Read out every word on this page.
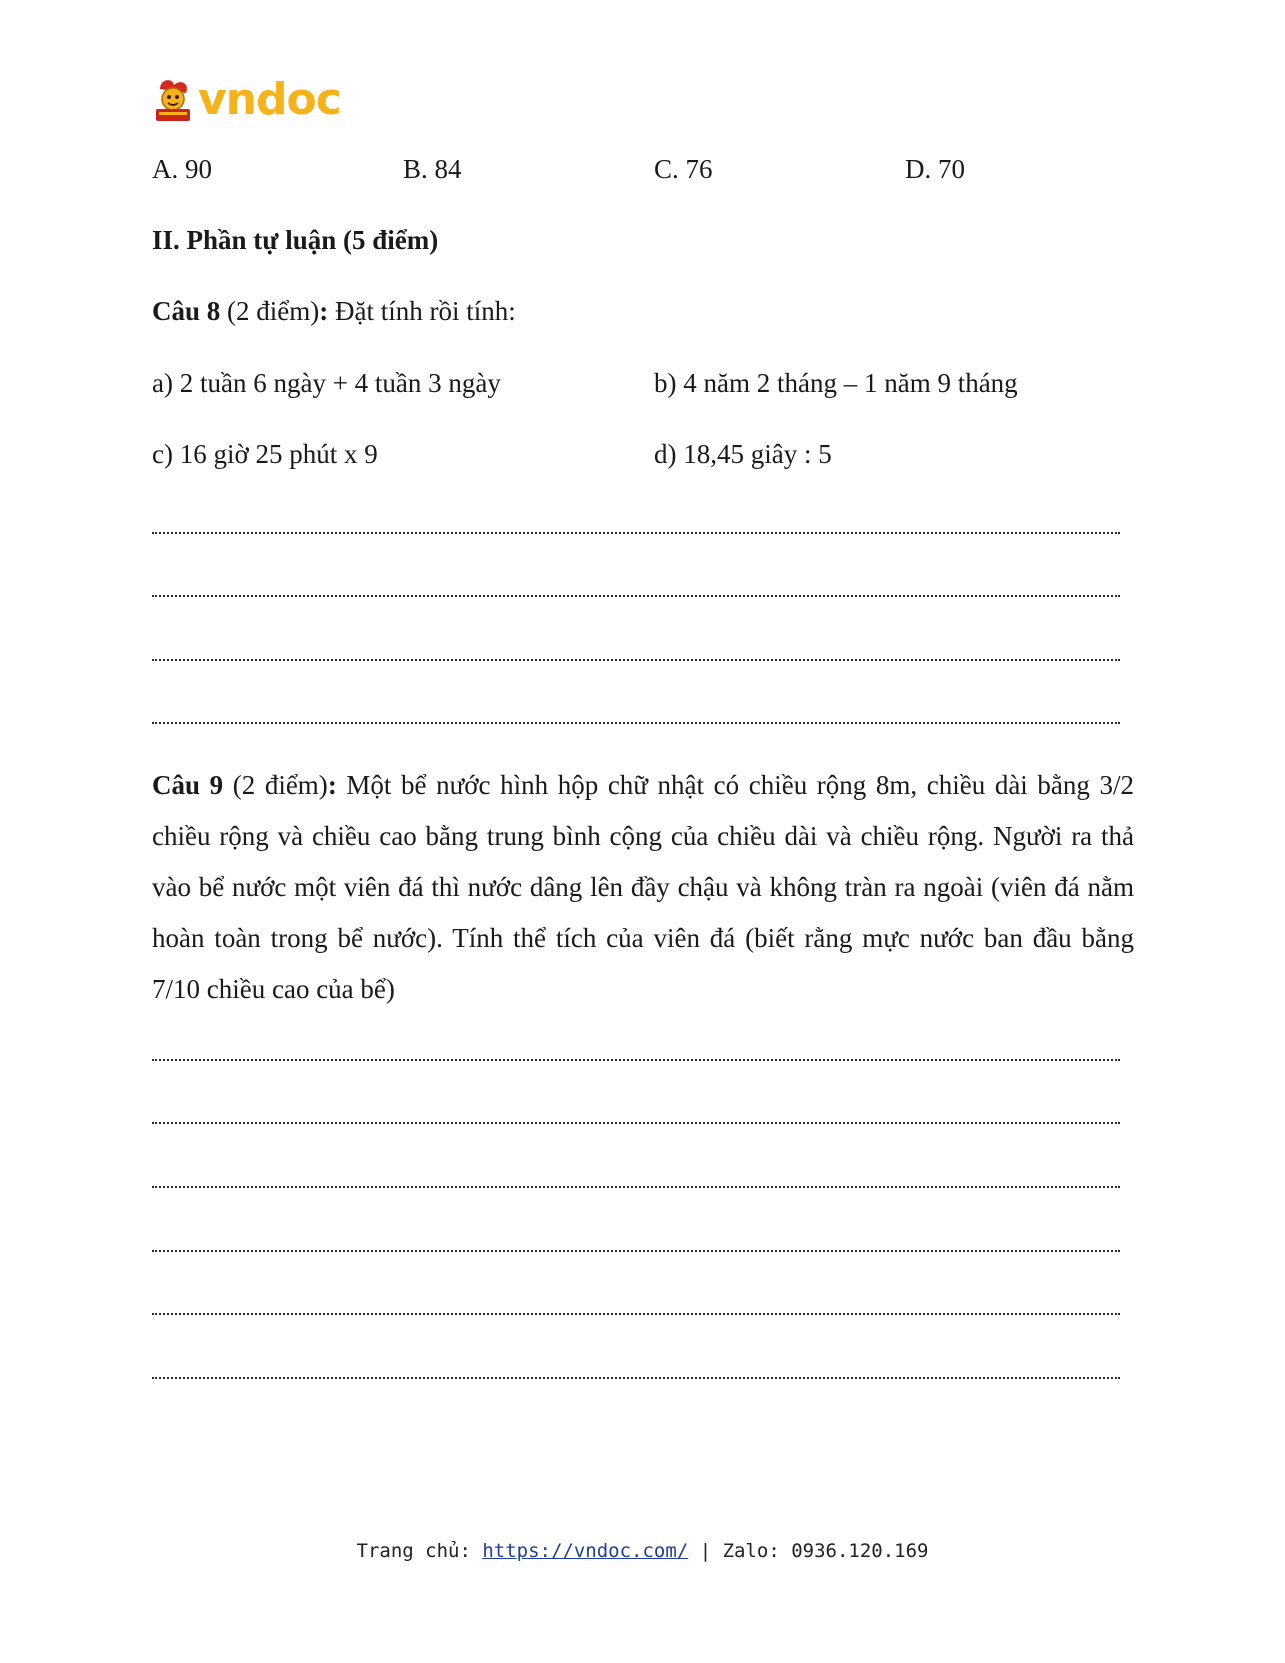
vndoc
A. 90	B. 84	C. 76	D. 70
II. Phần tự luận (5 điểm)
Câu 8 (2 điểm): Đặt tính rồi tính:
a) 2 tuần 6 ngày + 4 tuần 3 ngày	b) 4 năm 2 tháng – 1 năm 9 tháng
c) 16 giờ 25 phút x 9	d) 18,45 giây : 5
Câu 9 (2 điểm): Một bể nước hình hộp chữ nhật có chiều rộng 8m, chiều dài bằng 3/2 chiều rộng và chiều cao bằng trung bình cộng của chiều dài và chiều rộng. Người ra thả vào bể nước một viên đá thì nước dâng lên đầy chậu và không tràn ra ngoài (viên đá nằm hoàn toàn trong bể nước). Tính thể tích của viên đá (biết rằng mực nước ban đầu bằng 7/10 chiều cao của bể)
Trang chủ: https://vndoc.com/ | Zalo: 0936.120.169
